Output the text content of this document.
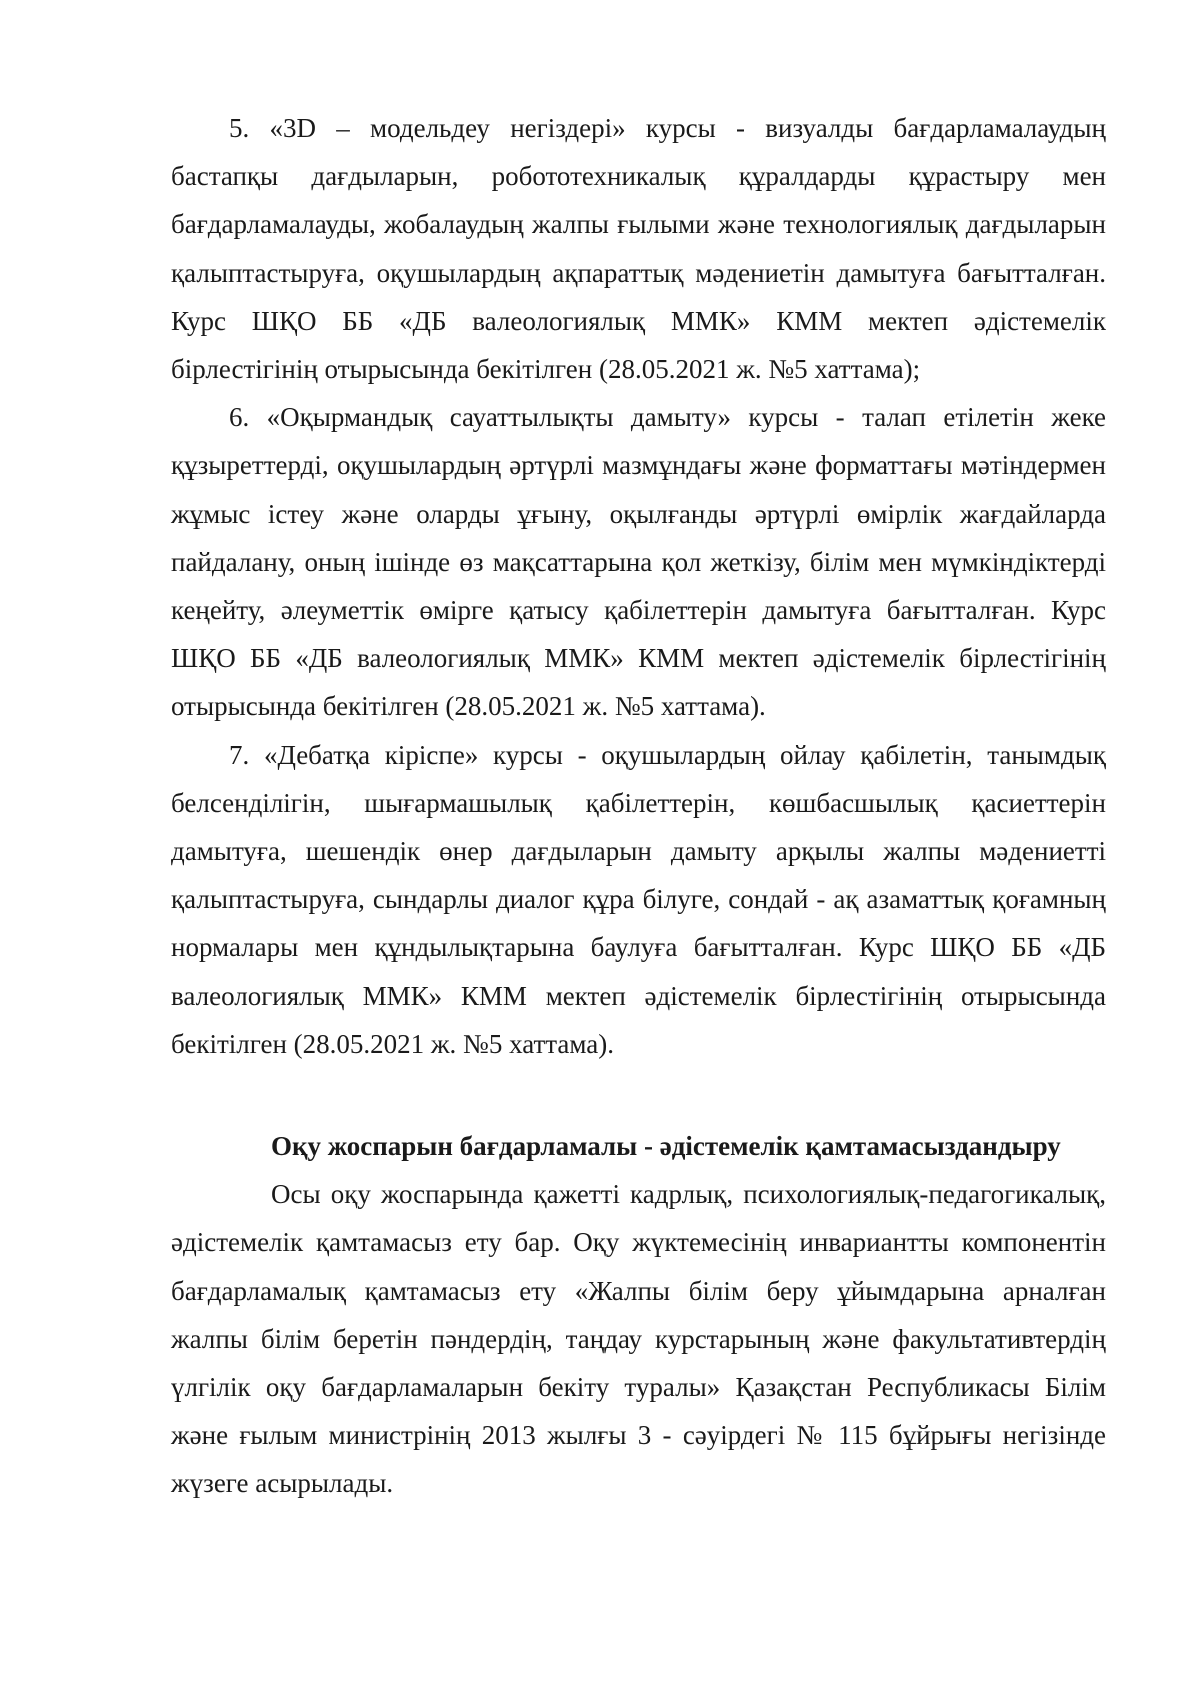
5. «3D – модельдеу негіздері» курсы - визуалды бағдарламалаудың бастапқы дағдыларын, робототехникалық құралдарды құрастыру мен бағдарламалауды, жобалаудың жалпы ғылыми және технологиялық дағдыларын қалыптастыруға, оқушылардың ақпараттық мәдениетін дамытуға бағытталған. Курс ШҚО ББ «ДБ валеологиялық ММК» КММ мектеп әдістемелік бірлестігінің отырысында бекітілген (28.05.2021 ж. №5 хаттама);

6. «Оқырмандық сауаттылықты дамыту» курсы - талап етілетін жеке құзыреттерді, оқушылардың әртүрлі мазмұндағы және форматтағы мәтіндермен жұмыс істеу және оларды ұғыну, оқылғанды әртүрлі өмірлік жағдайларда пайдалану, оның ішінде өз мақсаттарына қол жеткізу, білім мен мүмкіндіктерді кеңейту, әлеуметтік өмірге қатысу қабілеттерін дамытуға бағытталған. Курс ШҚО ББ «ДБ валеологиялық ММК» КММ мектеп әдістемелік бірлестігінің отырысында бекітілген (28.05.2021 ж. №5 хаттама).

7. «Дебатқа кіріспе» курсы - оқушылардың ойлау қабілетін, танымдық белсенділігін, шығармашылық қабілеттерін, көшбасшылық қасиеттерін дамытуға, шешендік өнер дағдыларын дамыту арқылы жалпы мәдениетті қалыптастыруға, сындарлы диалог құра білуге, сондай - ақ азаматтық қоғамның нормалары мен құндылықтарына баулуға бағытталған. Курс ШҚО ББ «ДБ валеологиялық ММК» КММ мектеп әдістемелік бірлестігінің отырысында бекітілген (28.05.2021 ж. №5 хаттама).

Оқу жоспарын бағдарламалы - әдістемелік қамтамасыздандыру

Осы оқу жоспарында қажетті кадрлық, психологиялық-педагогикалық, әдістемелік қамтамасыз ету бар. Оқу жүктемесінің инвариантты компонентін бағдарламалық қамтамасыз ету «Жалпы білім беру ұйымдарына арналған жалпы білім беретін пәндердің, таңдау курстарының және факультативтердің үлгілік оқу бағдарламаларын бекіту туралы» Қазақстан Республикасы Білім және ғылым министрінің 2013 жылғы 3 - сәуірдегі № 115 бұйрығы негізінде жүзеге асырылады.
